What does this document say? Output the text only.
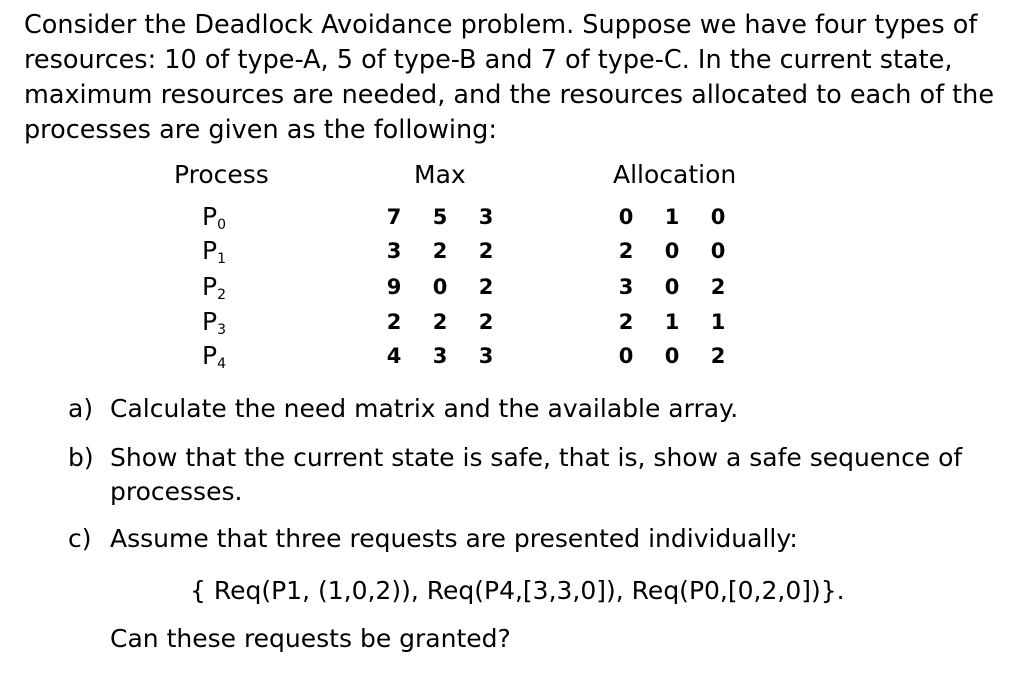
Consider the Deadlock Avoidance problem. Suppose we have four types of
resources: 10 of type-A, 5 of type-B and 7 of type-C. In the current state,
maximum resources are needed, and the resources allocated to each of the
processes are given as the following:
Process	Max	Allocation
$P_0$	7 5 3	0 1 0
$P_1$	3 2 2	2 0 0
$P_2$	9 0 2	3 0 2
$P_3$	2 2 2	2 1 1
$P_4$	4 3 3	0 0 2
a) Calculate the need matrix and the available array.
b) Show that the current state is safe, that is, show a safe sequence of
processes.
c) Assume that three requests are presented individually:
{ Req(P1, (1,0,2)), Req(P4,[3,3,0]), Req(P0,[0,2,0])}.
Can these requests be granted?
